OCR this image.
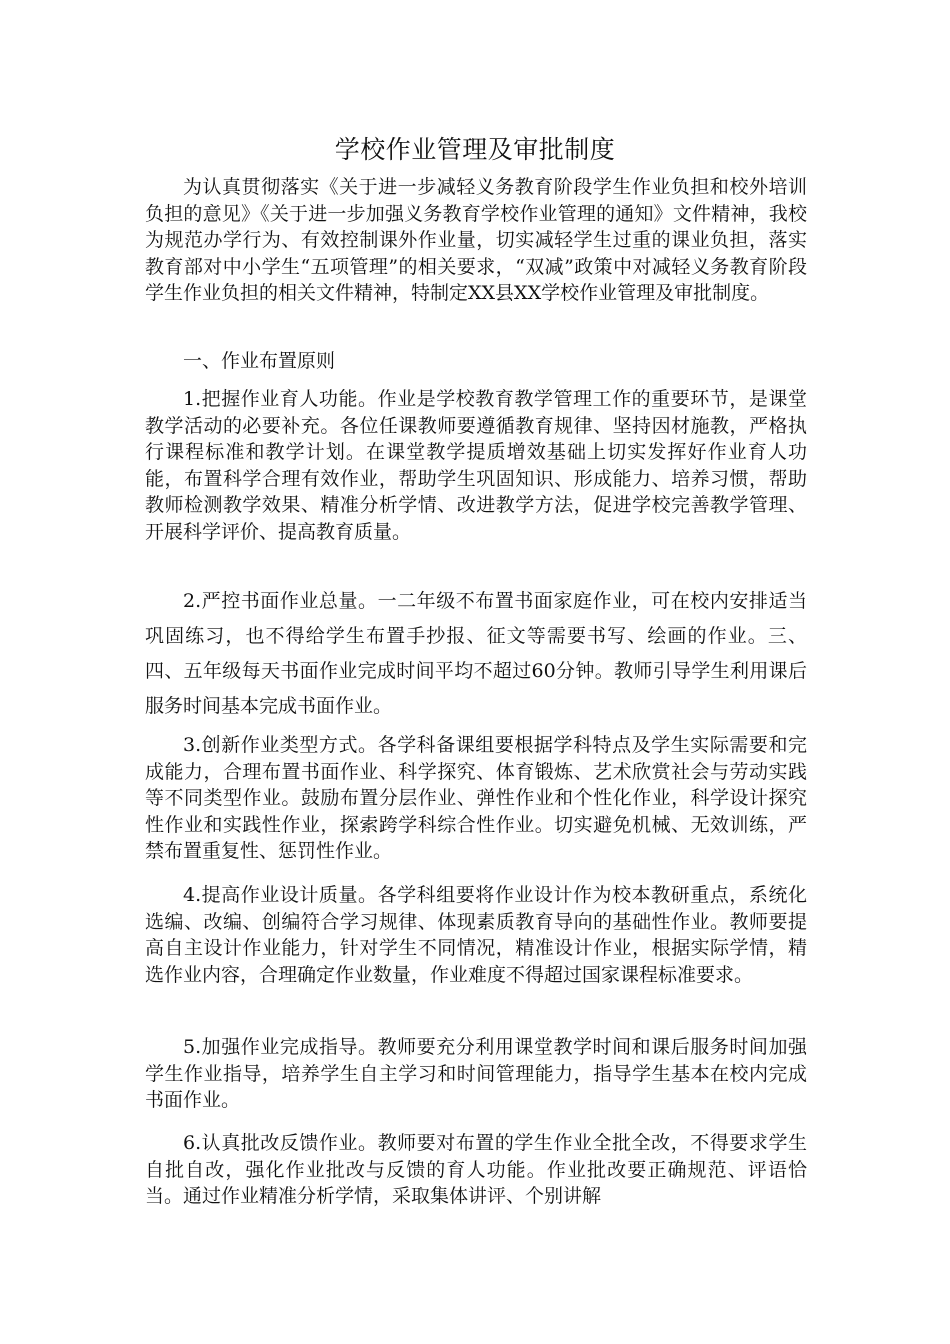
学校作业管理及审批制度

为认真贯彻落实《关于进一步减轻义务教育阶段学生作业负担和校外培训负担的意见》《关于进一步加强义务教育学校作业管理的通知》文件精神，我校为规范办学行为、有效控制课外作业量，切实减轻学生过重的课业负担，落实教育部对中小学生“五项管理”的相关要求，“双减”政策中对减轻义务教育阶段学生作业负担的相关文件精神，特制定XX县XX学校作业管理及审批制度。

一、作业布置原则

1.把握作业育人功能。作业是学校教育教学管理工作的重要环节，是课堂教学活动的必要补充。各位任课教师要遵循教育规律、坚持因材施教，严格执行课程标准和教学计划。在课堂教学提质增效基础上切实发挥好作业育人功能，布置科学合理有效作业，帮助学生巩固知识、形成能力、培养习惯，帮助教师检测教学效果、精准分析学情、改进教学方法，促进学校完善教学管理、开展科学评价、提高教育质量。

2.严控书面作业总量。一二年级不布置书面家庭作业，可在校内安排适当巩固练习，也不得给学生布置手抄报、征文等需要书写、绘画的作业。三、四、五年级每天书面作业完成时间平均不超过60分钟。教师引导学生利用课后服务时间基本完成书面作业。

3.创新作业类型方式。各学科备课组要根据学科特点及学生实际需要和完成能力，合理布置书面作业、科学探究、体育锻炼、艺术欣赏社会与劳动实践等不同类型作业。鼓励布置分层作业、弹性作业和个性化作业，科学设计探究性作业和实践性作业，探索跨学科综合性作业。切实避免机械、无效训练，严禁布置重复性、惩罚性作业。

4.提高作业设计质量。各学科组要将作业设计作为校本教研重点，系统化选编、改编、创编符合学习规律、体现素质教育导向的基础性作业。教师要提高自主设计作业能力，针对学生不同情况，精准设计作业，根据实际学情，精选作业内容，合理确定作业数量，作业难度不得超过国家课程标准要求。

5.加强作业完成指导。教师要充分利用课堂教学时间和课后服务时间加强学生作业指导，培养学生自主学习和时间管理能力，指导学生基本在校内完成书面作业。

6.认真批改反馈作业。教师要对布置的学生作业全批全改，不得要求学生自批自改，强化作业批改与反馈的育人功能。作业批改要正确规范、评语恰当。通过作业精准分析学情，采取集体讲评、个别讲解
